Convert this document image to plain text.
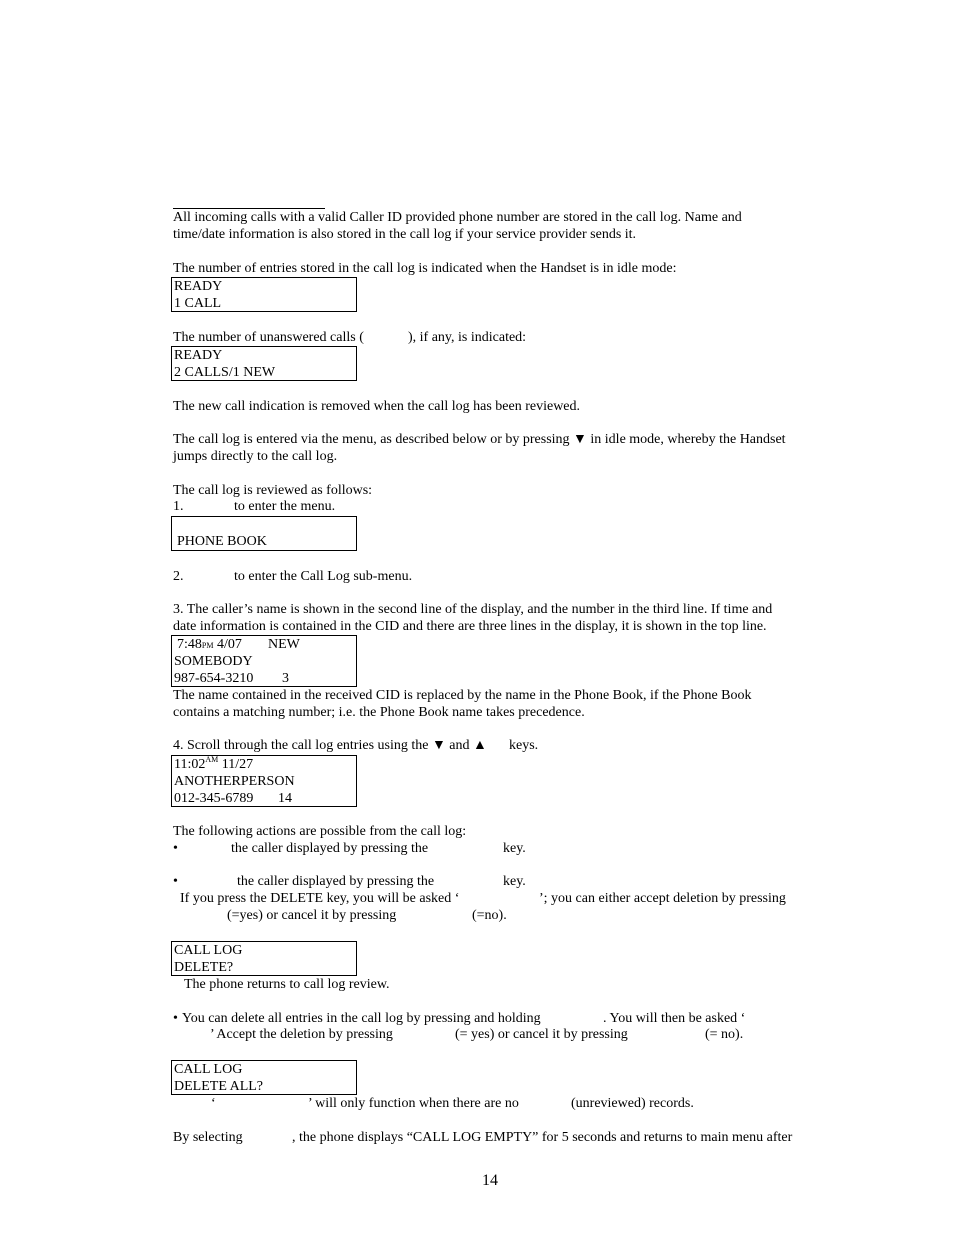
All incoming calls with a valid Caller ID provided phone number are stored in the call log. Name and
time/date information is also stored in the call log if your service provider sends it.
The number of entries stored in the call log is indicated when the Handset is in idle mode:
READY
1 CALL
The number of unanswered calls (	), if any, is indicated:
READY
2 CALLS/1 NEW
The new call indication is removed when the call log has been reviewed.
The call log is entered via the menu, as described below or by pressing ▼ in idle mode, whereby the Handset
jumps directly to the call log.
The call log is reviewed as follows:
1.	to enter the menu.
PHONE BOOK
2.	to enter the Call Log sub-menu.
3. The caller’s name is shown in the second line of the display, and the number in the third line. If time and
date information is contained in the CID and there are three lines in the display, it is shown in the top line.
7:48PM 4/07 NEW
SOMEBODY
987-654-3210 3
The name contained in the received CID is replaced by the name in the Phone Book, if the Phone Book
contains a matching number; i.e. the Phone Book name takes precedence.
4. Scroll through the call log entries using the ▼ and ▲ keys.
$11:02^{AM}$ 11/27
ANOTHERPERSON
012-345-6789 14
The following actions are possible from the call log:
•	the caller displayed by pressing the	key.
•	the caller displayed by pressing the	key.
If you press the DELETE key, you will be asked ‘	’; you can either accept deletion by pressing
(=yes) or cancel it by pressing	(=no).
CALL LOG
DELETE?
The phone returns to call log review.
• You can delete all entries in the call log by pressing and holding	. You will then be asked ‘
’ Accept the deletion by pressing	(= yes) or cancel it by pressing	(= no).
CALL LOG
DELETE ALL?
‘	’ will only function when there are no	(unreviewed) records.
By selecting	, the phone displays “CALL LOG EMPTY” for 5 seconds and returns to main menu after
14
